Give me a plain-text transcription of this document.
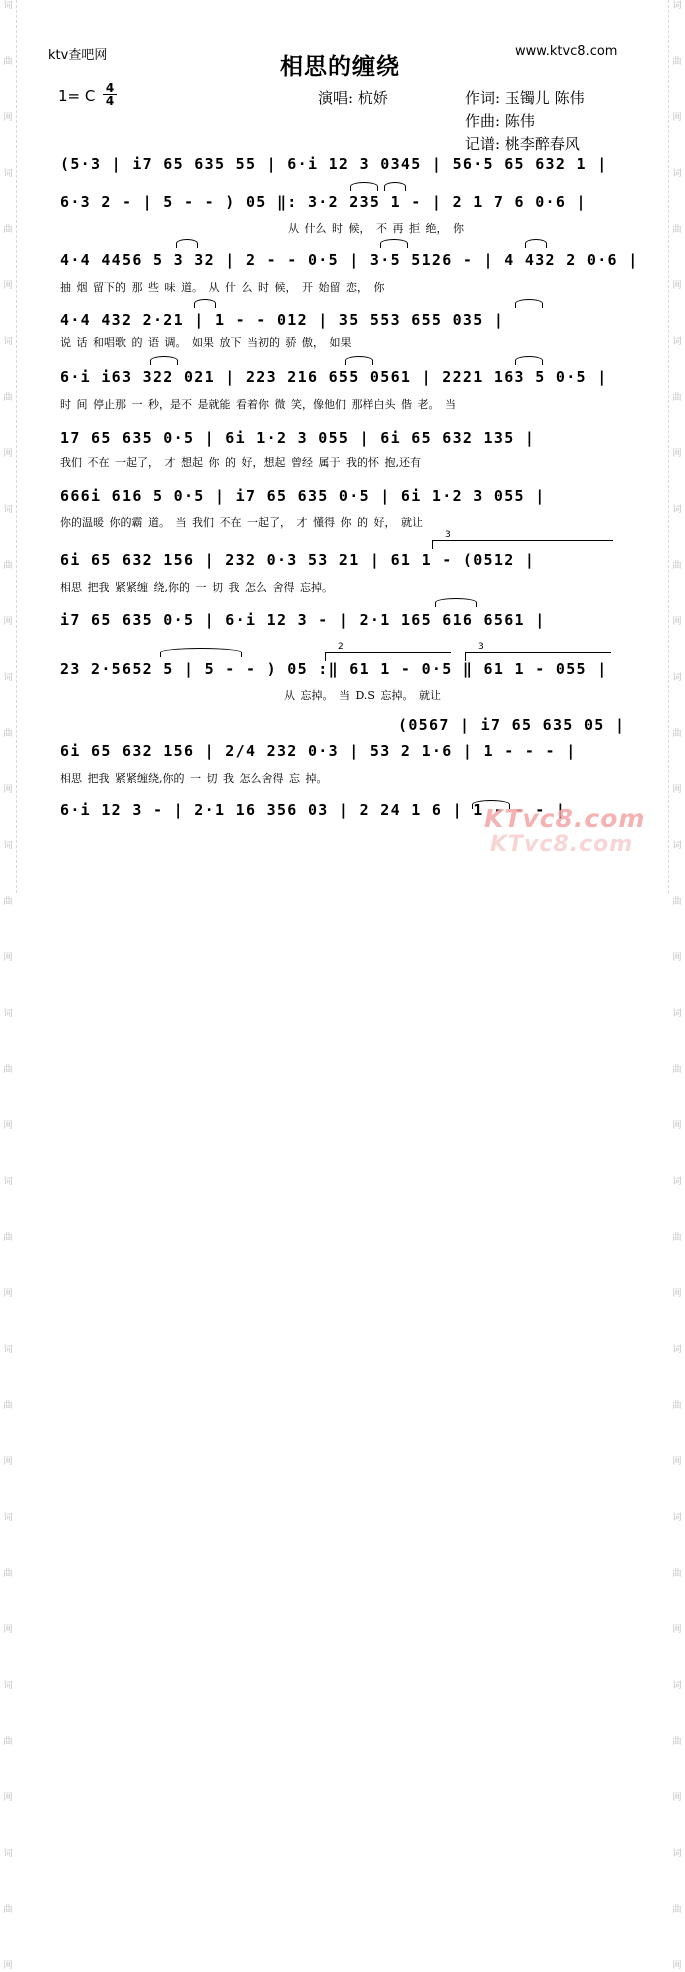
词
曲
网
词
曲
网
词
曲
网
词
曲
网
词
曲
网
词
曲
网
词
曲
网
词
曲
网
词
曲
网
词
曲
网
词
曲
网
词
曲
网
词
曲
网
词
曲
网
词
曲
网
词
曲
网
词
曲
网
词
曲
网
词
曲
网
词
曲
网
词
曲
网
词
曲
网
词
曲
网
词
曲
网
ktv查吧网	www.ktvc8.com
相思的缠绕
1= C 4
4	演唱: 杭娇	作词: 玉镯儿 陈伟
作曲: 陈伟
记谱: 桃李醉春风
(5·3 | i7 65 635 55 | 6·i 12 3 0345 | 56·5 65 632 1 |
6·3 2 - | 5 - - ) 05 ‖: 3·2 235 1 - | 2 1 7 6 0·6 |
从 什么 时 候， 不 再 拒 绝， 你
4·4 4456 5 3 32 | 2 - - 0·5 | 3·5 5126 - | 4 432 2 0·6 |
抽 烟 留下的 那 些 味 道。 从 什 么 时 候， 开 始留 恋， 你
4·4 432 2·21 | 1 - - 012 | 35 553 655 035 |
说 话 和唱歌 的 语 调。 如果 放下 当初的 骄 傲， 如果
6·i i63 322 021 | 223 216 655 0561 | 2221 163 5 0·5 |
时 间 停止那 一 秒，是不 是就能 看着你 微 笑，像他们 那样白头 偕 老。 当
17 65 635 0·5 | 6i 1·2 3 055 | 6i 65 632 135 |
我们 不在 一起了， 才 想起 你 的 好，想起 曾经 属于 我的怀 抱,还有
666i 616 5 0·5 | i7 65 635 0·5 | 6i 1·2 3 055 |
你的温暖 你的霸 道。 当 我们 不在 一起了， 才 懂得 你 的 好， 就让
6i 65 632 156 | 232 0·3 53 21 | 61 1 - (0512 |
相思 把我 紧紧缠 绕,你的 一 切 我 怎么 舍得 忘掉。
i7 65 635 0·5 | 6·i 12 3 - | 2·1 165 616 6561 |
23 2·5652 5 | 5 - - ) 05 :‖ 61 1 - 0·5 ‖ 61 1 - 055 |
从 忘掉。 当 D.S 忘掉。 就让
(0567 | i7 65 635 05 |
6i 65 632 156 | 2/4 232 0·3 | 53 2 1·6 | 1 - - - |
相思 把我 紧紧缠绕,你的 一 切 我 怎么舍得 忘 掉。
6·i 12 3 - | 2·1 16 356 03 | 2 24 1 6 | 1 - - - |
2	3
3
KTvc8.com
KTvc8.com
